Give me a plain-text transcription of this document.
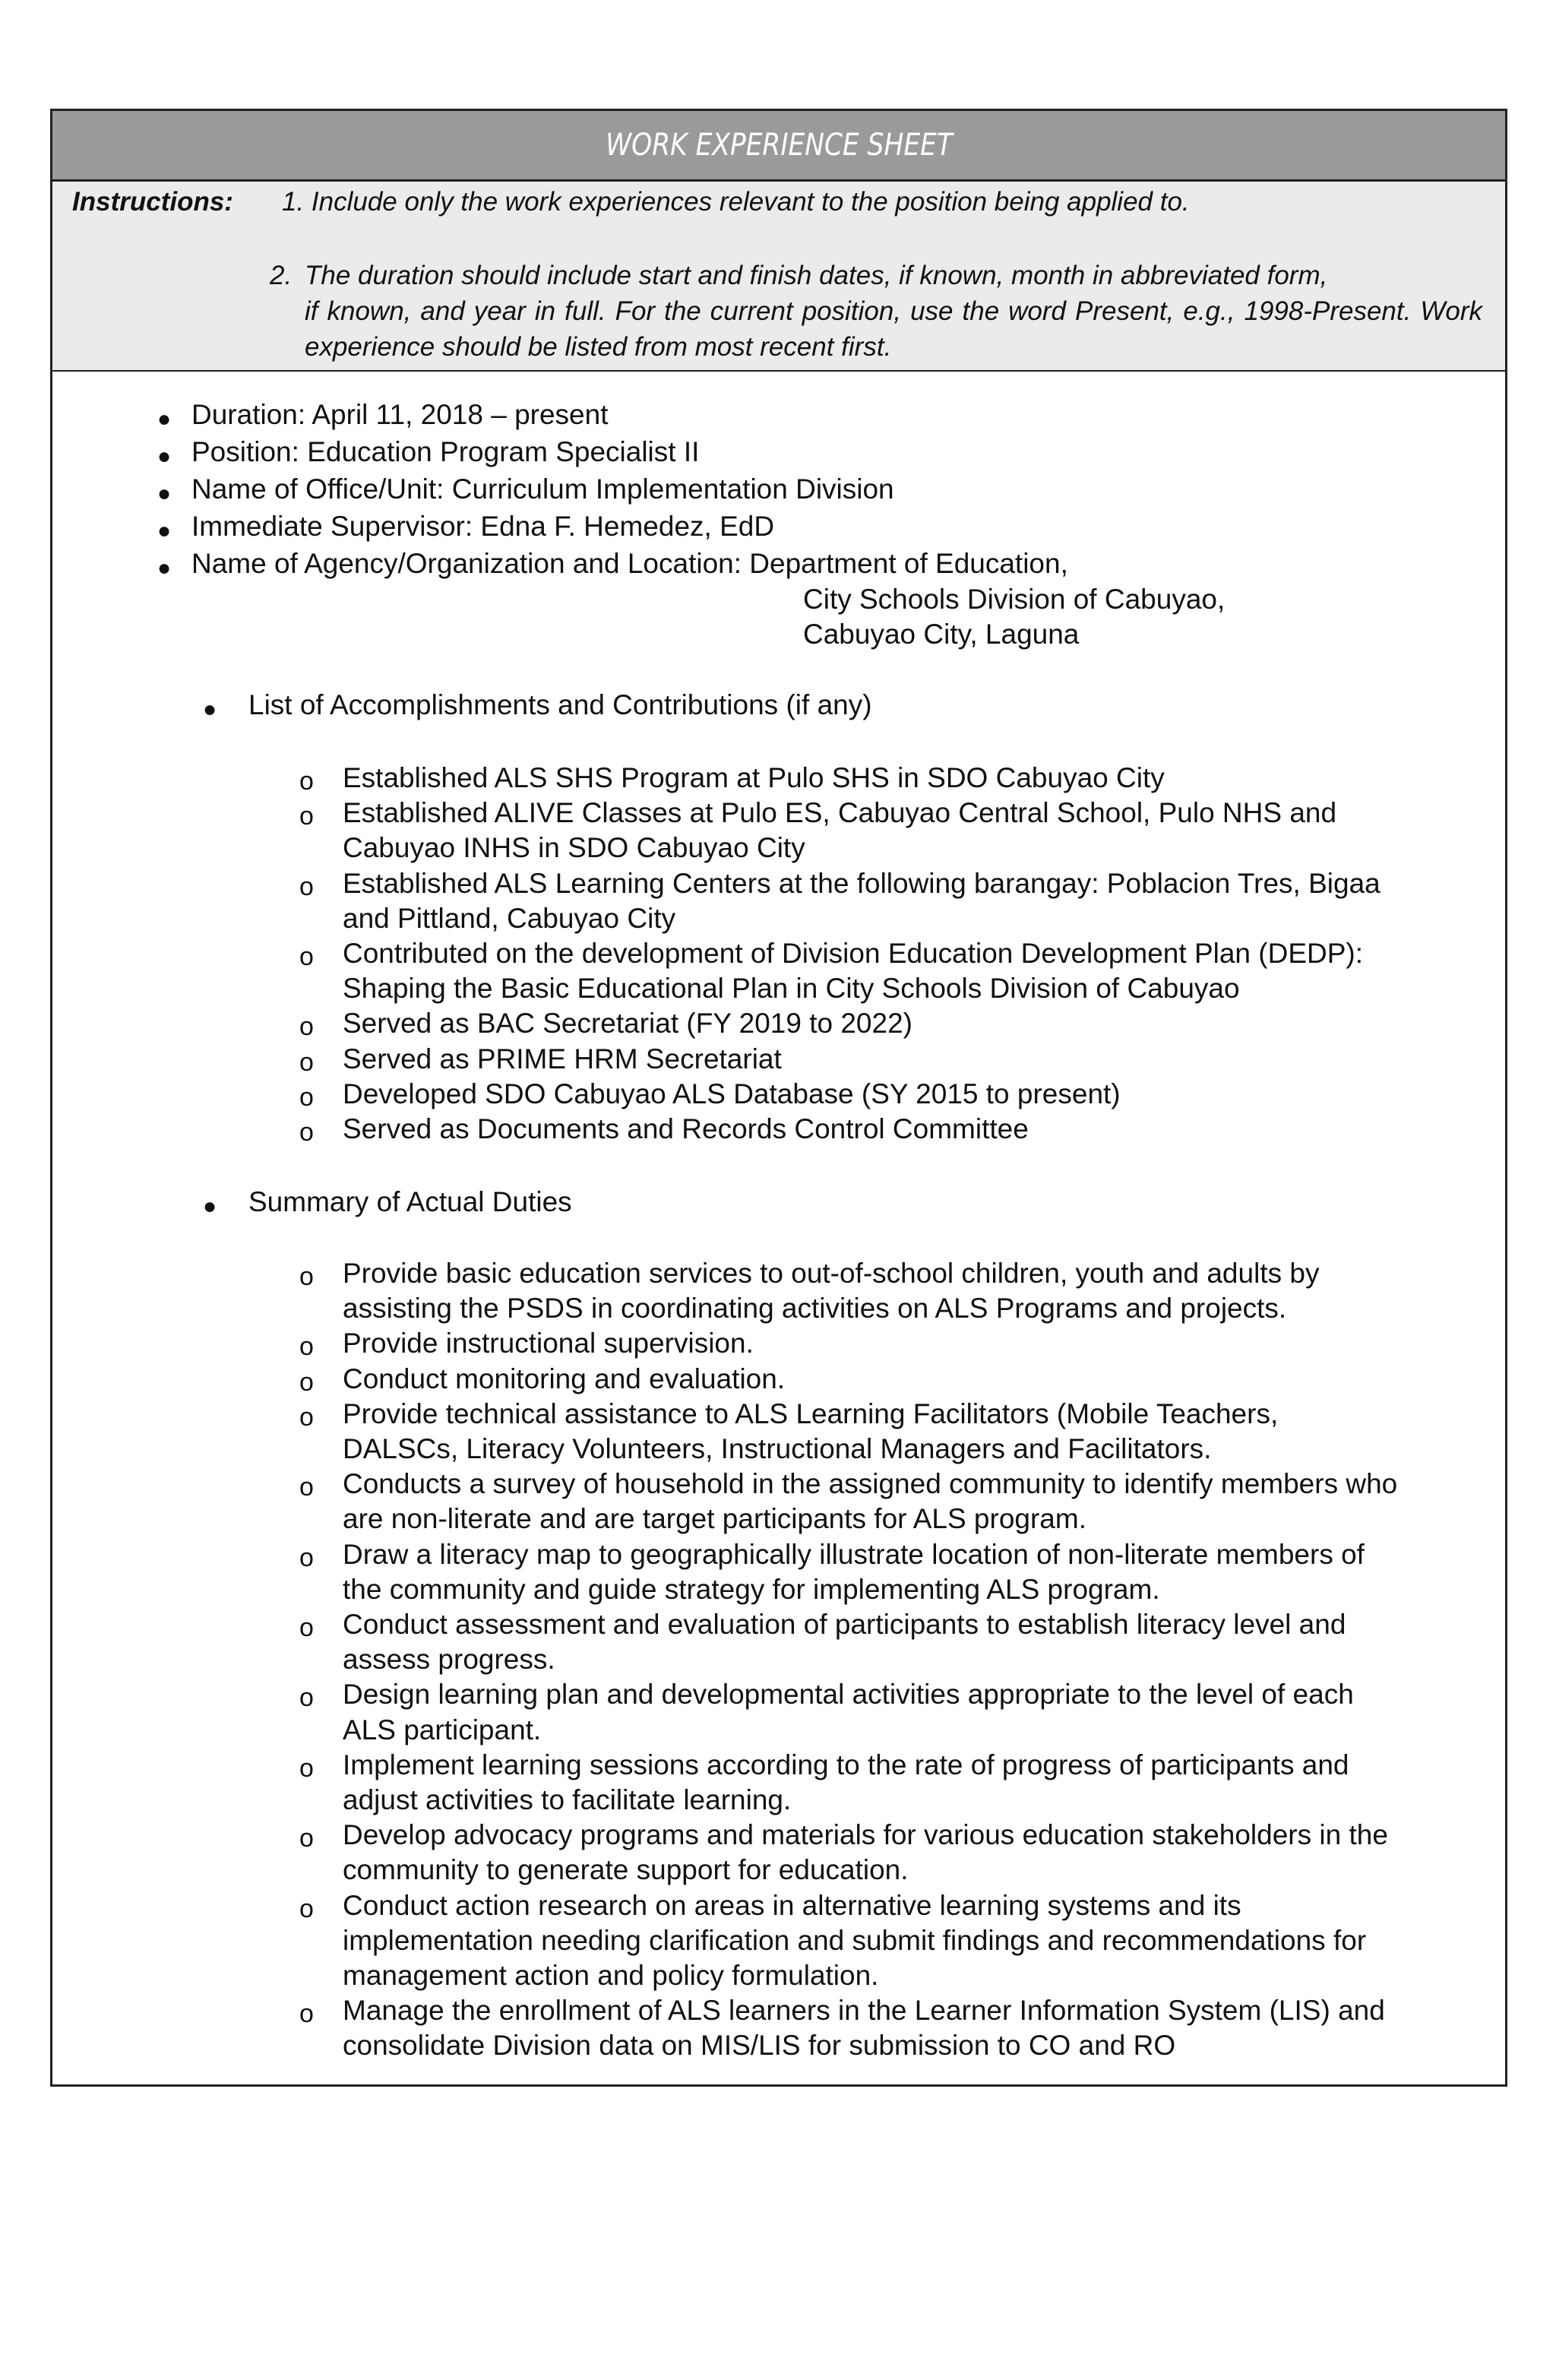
WORK EXPERIENCE SHEET
Instructions: 1. Include only the work experiences relevant to the position being applied to.
2. The duration should include start and finish dates, if known, month in abbreviated form,
if known, and year in full. For the current position, use the word Present, e.g., 1998-Present. Work experience should be listed from most recent first.
● Duration: April 11, 2018 – present
● Position: Education Program Specialist II
● Name of Office/Unit: Curriculum Implementation Division
● Immediate Supervisor: Edna F. Hemedez, EdD
● Name of Agency/Organization and Location: Department of Education,
City Schools Division of Cabuyao,
Cabuyao City, Laguna
● List of Accomplishments and Contributions (if any)
● Summary of Actual Duties
o Established ALS SHS Program at Pulo SHS in SDO Cabuyao City
o Established ALIVE Classes at Pulo ES, Cabuyao Central School, Pulo NHS and
Cabuyao INHS in SDO Cabuyao City
o Established ALS Learning Centers at the following barangay: Poblacion Tres, Bigaa
and Pittland, Cabuyao City
o Contributed on the development of Division Education Development Plan (DEDP):
Shaping the Basic Educational Plan in City Schools Division of Cabuyao
o Served as BAC Secretariat (FY 2019 to 2022)
o Served as PRIME HRM Secretariat
o Developed SDO Cabuyao ALS Database (SY 2015 to present)
o Served as Documents and Records Control Committee
o Provide basic education services to out-of-school children, youth and adults by
assisting the PSDS in coordinating activities on ALS Programs and projects.
o Provide instructional supervision.
o Conduct monitoring and evaluation.
o Provide technical assistance to ALS Learning Facilitators (Mobile Teachers,
DALSCs, Literacy Volunteers, Instructional Managers and Facilitators.
o Conducts a survey of household in the assigned community to identify members who
are non-literate and are target participants for ALS program.
o Draw a literacy map to geographically illustrate location of non-literate members of
the community and guide strategy for implementing ALS program.
o Conduct assessment and evaluation of participants to establish literacy level and
assess progress.
o Design learning plan and developmental activities appropriate to the level of each
ALS participant.
o Implement learning sessions according to the rate of progress of participants and
adjust activities to facilitate learning.
o Develop advocacy programs and materials for various education stakeholders in the
community to generate support for education.
o Conduct action research on areas in alternative learning systems and its
implementation needing clarification and submit findings and recommendations for
management action and policy formulation.
o Manage the enrollment of ALS learners in the Learner Information System (LIS) and
consolidate Division data on MIS/LIS for submission to CO and RO
